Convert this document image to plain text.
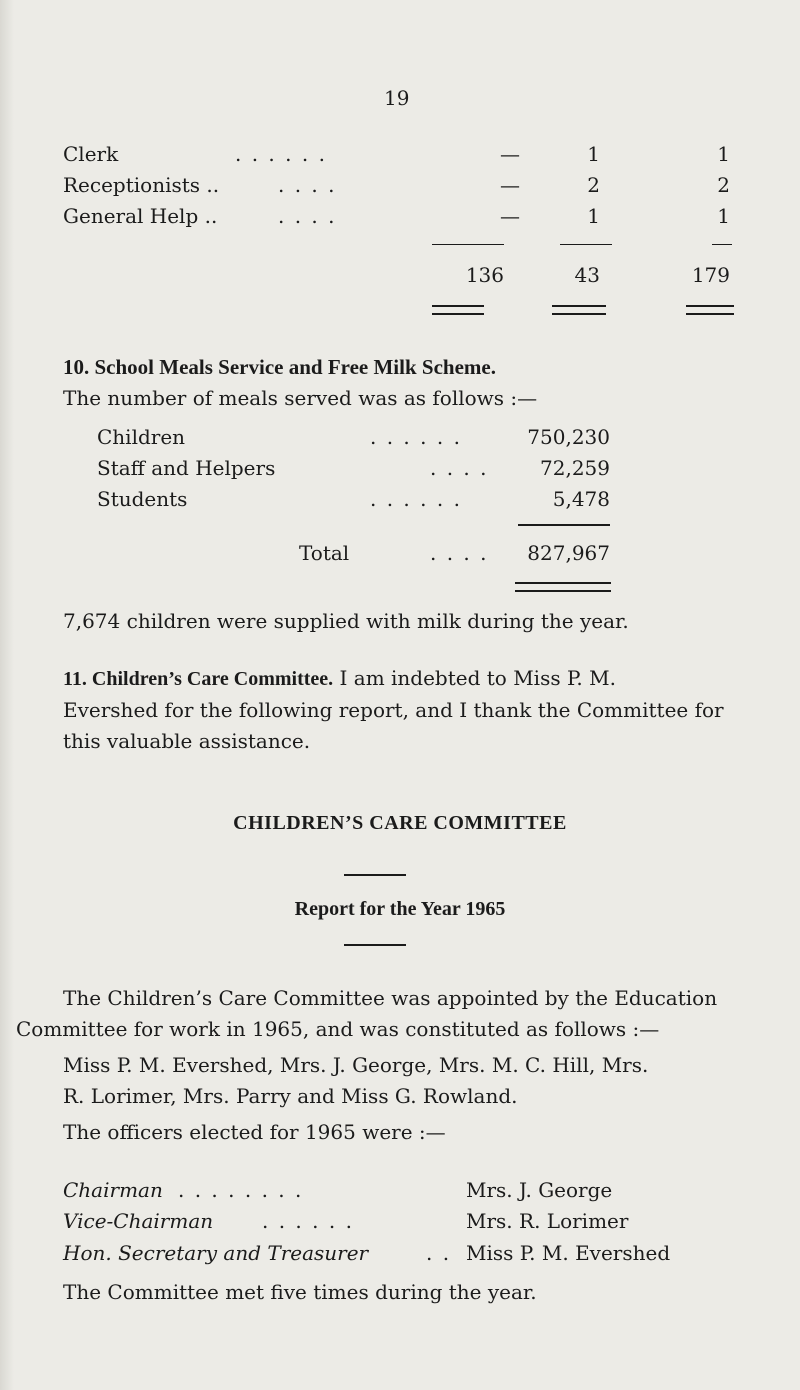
19
Clerk	. . . . . .	—	1	1
Receptionists ..	. . . .	—	2	2
General Help ..	. . . .	—	1	1
136	43	179
10. School Meals Service and Free Milk Scheme.
The number of meals served was as follows :—
Children	. . . . . .	750,230
Staff and Helpers	. . . .	72,259
Students	. . . . . .	5,478
Total	. . . .	827,967
7,674 children were supplied with milk during the year.
11. Children’s Care Committee. I am indebted to Miss P. M.
Evershed for the following report, and I thank the Committee for
this valuable assistance.
CHILDREN’S CARE COMMITTEE
Report for the Year 1965
The Children’s Care Committee was appointed by the Education
Committee for work in 1965, and was constituted as follows :—
Miss P. M. Evershed, Mrs. J. George, Mrs. M. C. Hill, Mrs.
R. Lorimer, Mrs. Parry and Miss G. Rowland.
The officers elected for 1965 were :—
Chairman . . . . . . . .	Mrs. J. George
Vice-Chairman . . . . . .	Mrs. R. Lorimer
Hon. Secretary and Treasurer	. . Miss P. M. Evershed
The Committee met five times during the year.
